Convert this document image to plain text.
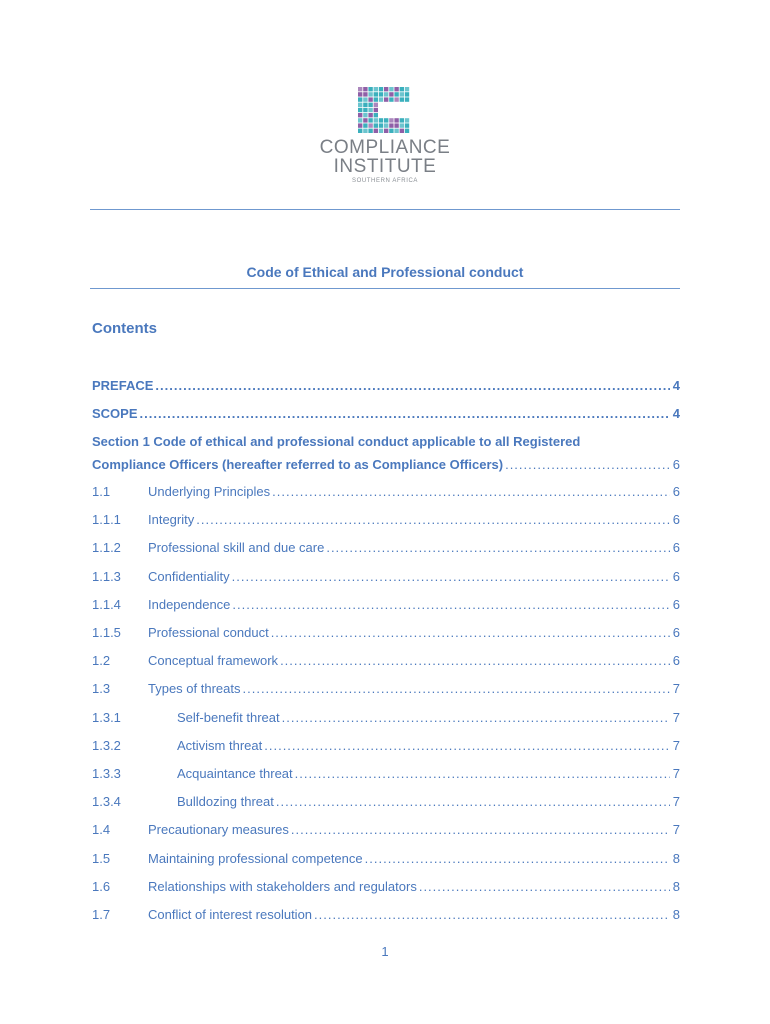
COMPLIANCE
INSTITUTE
SOUTHERN AFRICA
Code of Ethical and Professional conduct
Contents
PREFACE .....	4
SCOPE .....	4
Section 1 Code of ethical and professional conduct applicable to all Registered
Compliance Officers (hereafter referred to as Compliance Officers) .....	6
1.1	Underlying Principles .....	6
1.1.1	Integrity .....	6
1.1.2	Professional skill and due care .....	6
1.1.3	Confidentiality .....	6
1.1.4	Independence .....	6
1.1.5	Professional conduct .....	6
1.2	Conceptual framework .....	6
1.3	Types of threats .....	7
1.3.1	Self-benefit threat .....	7
1.3.2	Activism threat .....	7
1.3.3	Acquaintance threat .....	7
1.3.4	Bulldozing threat .....	7
1.4	Precautionary measures .....	7
1.5	Maintaining professional competence .....	8
1.6	Relationships with stakeholders and regulators .....	8
1.7	Conflict of interest resolution .....	8
1
